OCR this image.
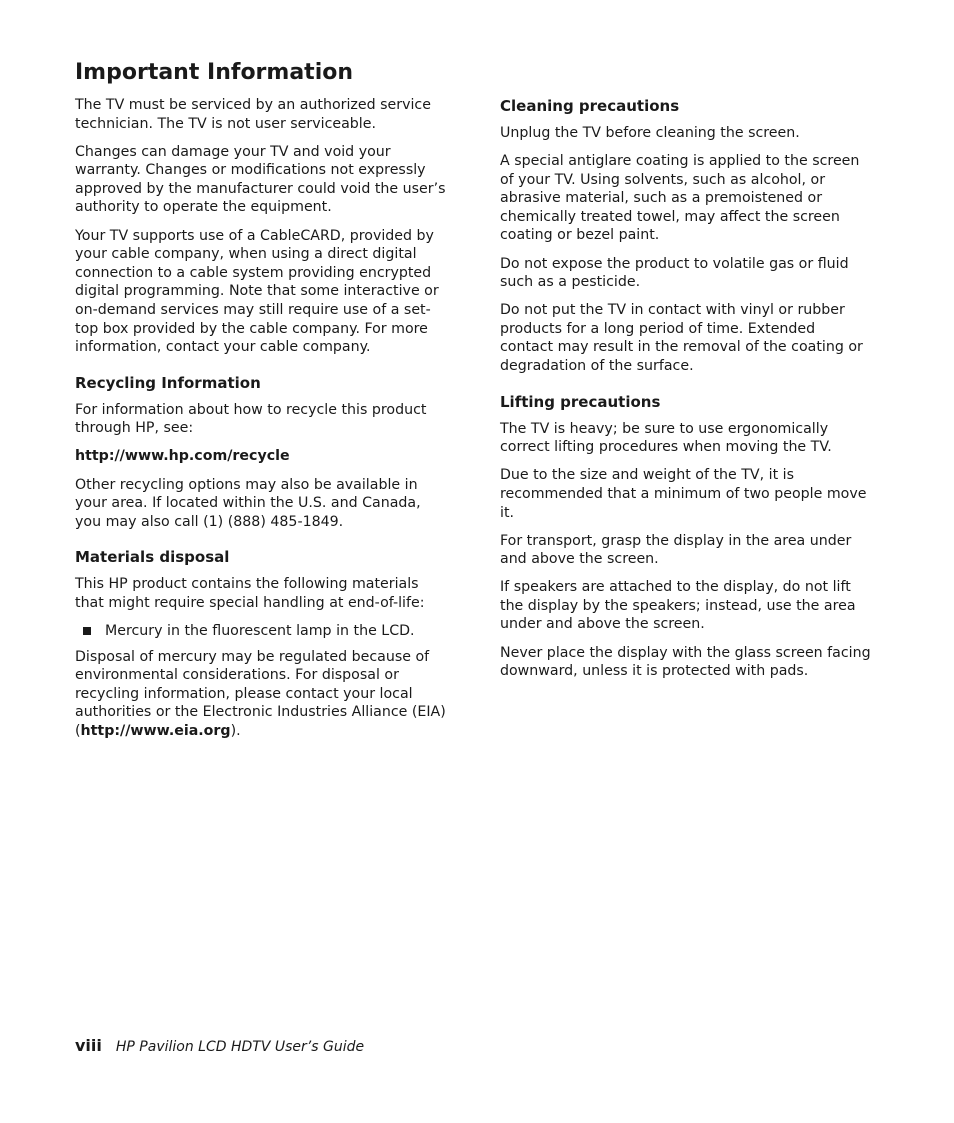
Important Information

The TV must be serviced by an authorized service technician. The TV is not user serviceable.

Changes can damage your TV and void your warranty. Changes or modifications not expressly approved by the manufacturer could void the user’s authority to operate the equipment.

Your TV supports use of a CableCARD, provided by your cable company, when using a direct digital connection to a cable system providing encrypted digital programming. Note that some interactive or on-demand services may still require use of a set-top box provided by the cable company. For more information, contact your cable company.

Recycling Information

For information about how to recycle this product through HP, see:

http://www.hp.com/recycle

Other recycling options may also be available in your area. If located within the U.S. and Canada, you may also call (1) (888) 485-1849.

Materials disposal

This HP product contains the following materials that might require special handling at end-of-life:

Mercury in the fluorescent lamp in the LCD.

Disposal of mercury may be regulated because of environmental considerations. For disposal or recycling information, please contact your local authorities or the Electronic Industries Alliance (EIA) (http://www.eia.org).

Cleaning precautions

Unplug the TV before cleaning the screen.

A special antiglare coating is applied to the screen of your TV. Using solvents, such as alcohol, or abrasive material, such as a premoistened or chemically treated towel, may affect the screen coating or bezel paint.

Do not expose the product to volatile gas or fluid such as a pesticide.

Do not put the TV in contact with vinyl or rubber products for a long period of time. Extended contact may result in the removal of the coating or degradation of the surface.

Lifting precautions

The TV is heavy; be sure to use ergonomically correct lifting procedures when moving the TV.

Due to the size and weight of the TV, it is recommended that a minimum of two people move it.

For transport, grasp the display in the area under and above the screen.

If speakers are attached to the display, do not lift the display by the speakers; instead, use the area under and above the screen.

Never place the display with the glass screen facing downward, unless it is protected with pads.

viii HP Pavilion LCD HDTV User’s Guide
